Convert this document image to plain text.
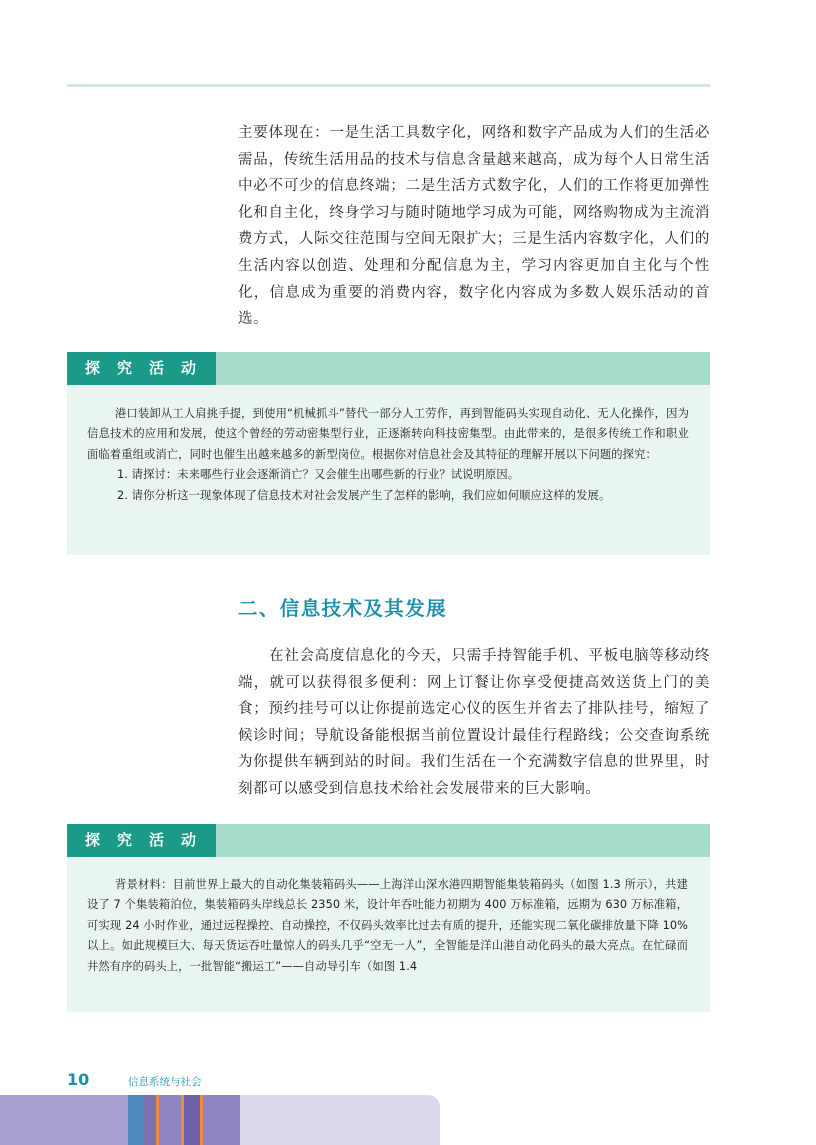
主要体现在：一是生活工具数字化，网络和数字产品成为人们的生活必需品，传统生活用品的技术与信息含量越来越高，成为每个人日常生活中必不可少的信息终端；二是生活方式数字化，人们的工作将更加弹性化和自主化，终身学习与随时随地学习成为可能，网络购物成为主流消费方式，人际交往范围与空间无限扩大；三是生活内容数字化，人们的生活内容以创造、处理和分配信息为主，学习内容更加自主化与个性化，信息成为重要的消费内容，数字化内容成为多数人娱乐活动的首选。

探究活动

港口装卸从工人肩挑手提，到使用“机械抓斗”替代一部分人工劳作，再到智能码头实现自动化、无人化操作，因为信息技术的应用和发展，使这个曾经的劳动密集型行业，正逐渐转向科技密集型。由此带来的，是很多传统工作和职业面临着重组或消亡，同时也催生出越来越多的新型岗位。根据你对信息社会及其特征的理解开展以下问题的探究：

1. 请探讨：未来哪些行业会逐渐消亡？又会催生出哪些新的行业？试说明原因。

2. 请你分析这一现象体现了信息技术对社会发展产生了怎样的影响，我们应如何顺应这样的发展。

二、信息技术及其发展

在社会高度信息化的今天，只需手持智能手机、平板电脑等移动终端，就可以获得很多便利：网上订餐让你享受便捷高效送货上门的美食；预约挂号可以让你提前选定心仪的医生并省去了排队挂号，缩短了候诊时间；导航设备能根据当前位置设计最佳行程路线；公交查询系统为你提供车辆到站的时间。我们生活在一个充满数字信息的世界里，时刻都可以感受到信息技术给社会发展带来的巨大影响。

探究活动

背景材料：目前世界上最大的自动化集装箱码头——上海洋山深水港四期智能集装箱码头（如图 1.3 所示），共建设了 7 个集装箱泊位，集装箱码头岸线总长 2350 米，设计年吞吐能力初期为 400 万标准箱，远期为 630 万标准箱，可实现 24 小时作业，通过远程操控、自动操控，不仅码头效率比过去有质的提升，还能实现二氧化碳排放量下降 10%以上。如此规模巨大、每天货运吞吐量惊人的码头几乎“空无一人”，全智能是洋山港自动化码头的最大亮点。在忙碌而井然有序的码头上，一批智能“搬运工”——自动导引车（如图 1.4

10	信息系统与社会
